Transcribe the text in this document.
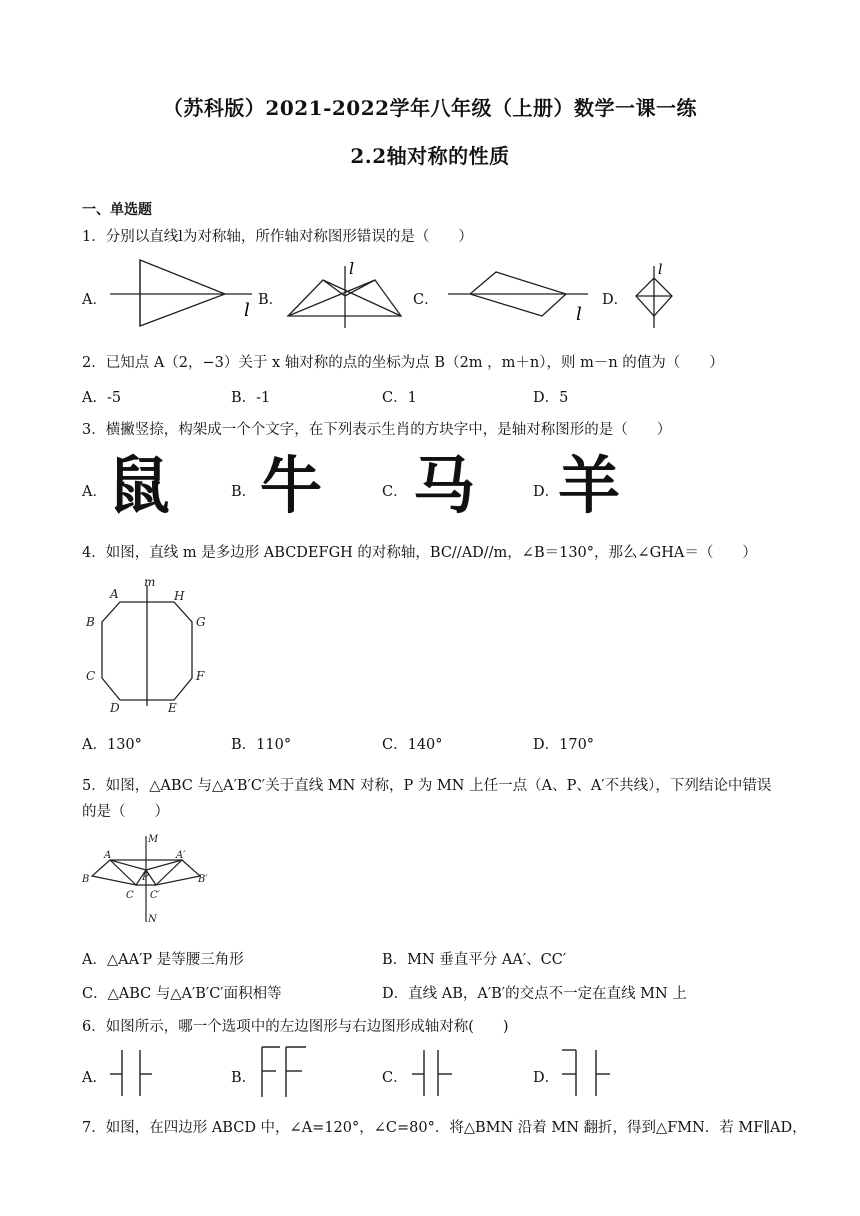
（苏科版）2021-2022学年八年级（上册）数学一课一练
2.2轴对称的性质
一、单选题
1．分别以直线l为对称轴，所作轴对称图形错误的是（　　）
A．	B．	C．	D．
l
l
l
l
2．已知点 A（2，−3）关于 x 轴对称的点的坐标为点 B（2m ，m＋n），则 m－n 的值为（　　）
A．-5	B．-1	C．1	D．5
3．横撇竖捺，构架成一个个文字，在下列表示生肖的方块字中，是轴对称图形的是（　　）
A．	B．	C．	D．
鼠 牛 马 羊
4．如图，直线 m 是多边形 ABCDEFGH 的对称轴，BC//AD//m，∠B＝130°，那么∠GHA＝（　　）
A	H
B	G
C	F
D	E
m
A．130°	B．110°	C．140°	D．170°
5．如图，△ABC 与△A′B′C′关于直线 MN 对称，P 为 MN 上任一点（A、P、A′不共线），下列结论中错误
的是（　　）
M
N
A	A′
B	B′
C C′
P
A．△AA′P 是等腰三角形	B．MN 垂直平分 AA′、CC′
C．△ABC 与△A′B′C′面积相等	D．直线 AB，A′B′的交点不一定在直线 MN 上
6．如图所示，哪一个选项中的左边图形与右边图形成轴对称(　　)
A．	B．	C．	D．
7．如图，在四边形 ABCD 中，∠A=120°，∠C=80°．将△BMN 沿着 MN 翻折，得到△FMN．若 MF∥AD，
